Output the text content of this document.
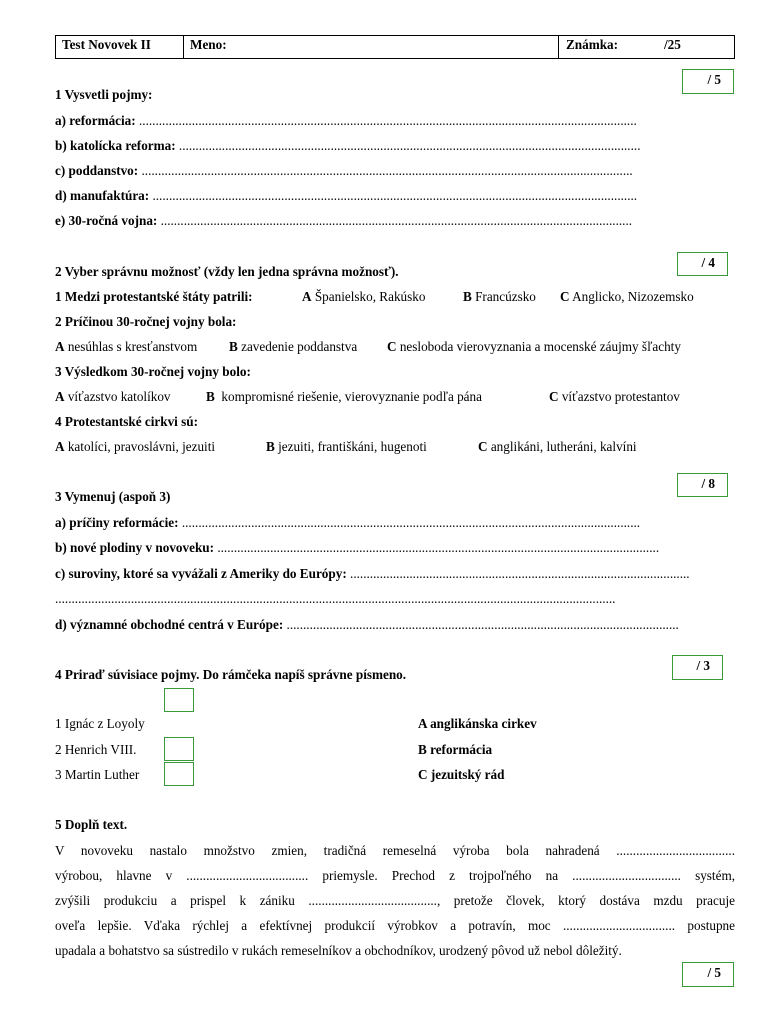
Test Novovek II	Meno:	Známka:	/25
/ 5
1 Vysvetli pojmy:
a) reformácia: .......................................................................................................................................................
b) katolícka reforma: ............................................................................................................................................
c) poddanstvo: .....................................................................................................................................................
d) manufaktúra: ...................................................................................................................................................
e) 30-ročná vojna: ...............................................................................................................................................
/ 4
2 Vyber správnu možnosť (vždy len jedna správna možnosť).
1 Medzi protestantské štáty patrili:	A Španielsko, Rakúsko	B Francúzsko C Anglicko, Nizozemsko
2 Príčinou 30-ročnej vojny bola:
A nesúhlas s kresťanstvom B zavedenie poddanstva C nesloboda vierovyznania a mocenské záujmy šľachty
3 Výsledkom 30-ročnej vojny bolo:
A víťazstvo katolíkov	B kompromisné riešenie, vierovyznanie podľa pána	C víťazstvo protestantov
4 Protestantské cirkvi sú:
A katolíci, pravoslávni, jezuiti	B jezuiti, františkáni, hugenoti	C anglikáni, lutheráni, kalvíni
/ 8
3 Vymenuj (aspoň 3)
a) príčiny reformácie: ...........................................................................................................................................
b) nové plodiny v novoveku: ......................................................................................................................................
c) suroviny, ktoré sa vyvážali z Ameriky do Európy: .......................................................................................................
..........................................................................................................................................................................
d) významné obchodné centrá v Európe: .......................................................................................................................
/ 3
4 Priraď súvisiace pojmy. Do rámčeka napíš správne písmeno.
1 Ignác z Loyoly
2 Henrich VIII.
3 Martin Luther
A anglikánska cirkev
B reformácia
C jezuitský rád
5 Doplň text.
V novoveku nastalo množstvo zmien, tradičná remeselná výroba bola nahradená ....................................
výrobou, hlavne v ..................................... priemysle. Prechod z trojpoľného na ................................. systém,
zvýšili produkciu a prispel k zániku ......................................., pretože človek, ktorý dostáva mzdu pracuje
oveľa lepšie. Vďaka rýchlej a efektívnej produkcií výrobkov a potravín, moc .................................. postupne
upadala a bohatstvo sa sústredilo v rukách remeselníkov a obchodníkov, urodzený pôvod už nebol dôležitý.
/ 5
